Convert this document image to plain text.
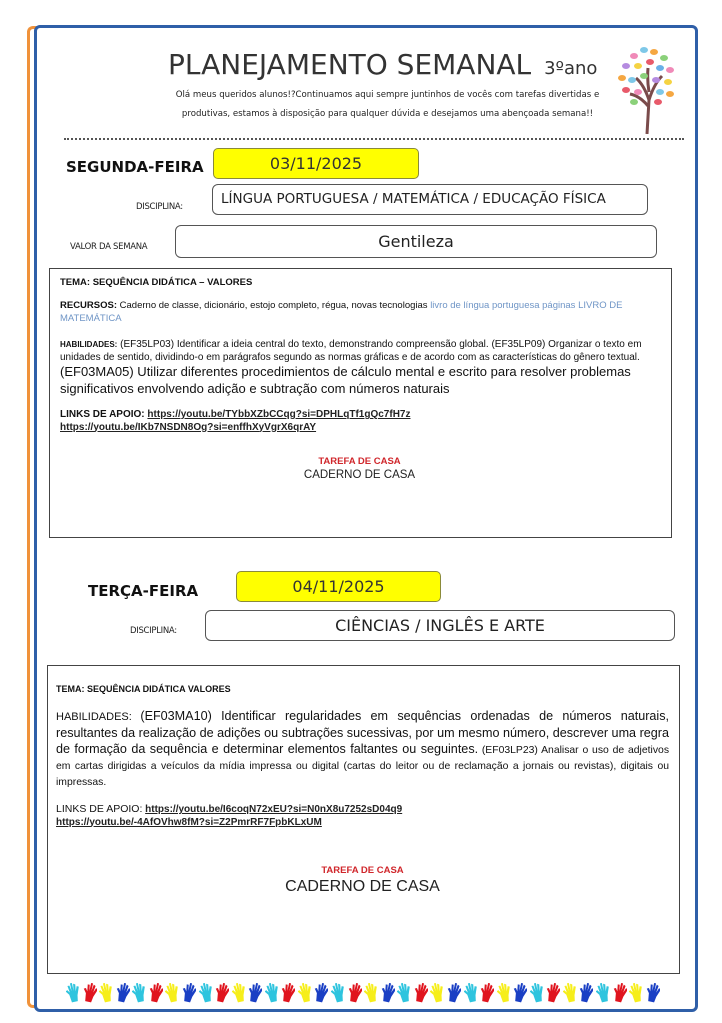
PLANEJAMENTO SEMANAL 3ºano
Olá meus queridos alunos!?Continuamos aqui sempre juntinhos de vocês com tarefas divertidas e produtivas, estamos à disposição para qualquer dúvida e desejamos uma abençoada semana!!
SEGUNDA-FEIRA	03/11/2025
DISCIPLINA:	LÍNGUA PORTUGUESA / MATEMÁTICA / EDUCAÇÃO FÍSICA
VALOR DA SEMANA	Gentileza
TEMA: SEQUÊNCIA DIDÁTICA – VALORES

RECURSOS: Caderno de classe, dicionário, estojo completo, régua, novas tecnologias livro de língua portuguesa páginas LIVRO DE MATEMÁTICA

HABILIDADES: (EF35LP03) Identificar a ideia central do texto, demonstrando compreensão global. (EF35LP09) Organizar o texto em unidades de sentido, dividindo-o em parágrafos segundo as normas gráficas e de acordo com as características do gênero textual. (EF03MA05) Utilizar diferentes procedimientos de cálculo mental e escrito para resolver problemas significativos envolvendo adição e subtração com números naturais

LINKS DE APOIO: https://youtu.be/TYbbXZbCCqg?si=DPHLqTf1gQc7fH7z
https://youtu.be/IKb7NSDN8Og?si=enffhXyVgrX6qrAY

TAREFA DE CASA
CADERNO DE CASA
TERÇA-FEIRA	04/11/2025
DISCIPLINA:	CIÊNCIAS / INGLÊS E ARTE
TEMA: SEQUÊNCIA DIDÁTICA VALORES

HABILIDADES: (EF03MA10) Identificar regularidades em sequências ordenadas de números naturais, resultantes da realização de adições ou subtrações sucessivas, por um mesmo número, descrever uma regra de formação da sequência e determinar elementos faltantes ou seguintes. (EF03LP23) Analisar o uso de adjetivos em cartas dirigidas a veículos da mídia impressa ou digital (cartas do leitor ou de reclamação a jornais ou revistas), digitais ou impressas.

LINKS DE APOIO: https://youtu.be/I6coqN72xEU?si=N0nX8u7252sD04q9
https://youtu.be/-4AfOVhw8fM?si=Z2PmrRF7FpbKLxUM

TAREFA DE CASA
CADERNO DE CASA
